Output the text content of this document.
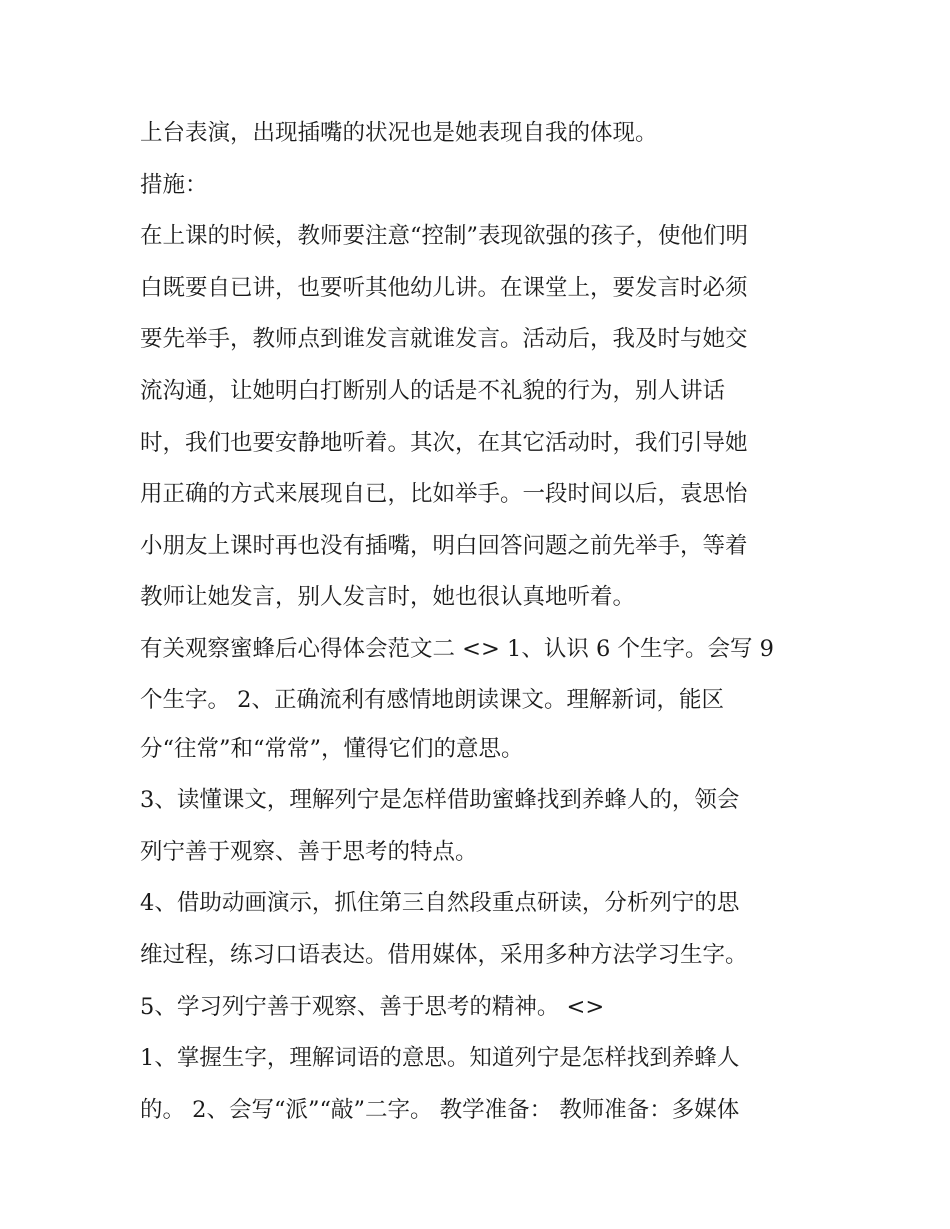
上台表演，出现插嘴的状况也是她表现自我的体现。
措施：
在上课的时候，教师要注意“控制”表现欲强的孩子，使他们明
白既要自已讲，也要听其他幼儿讲。在课堂上，要发言时必须
要先举手，教师点到谁发言就谁发言。活动后，我及时与她交
流沟通，让她明白打断别人的话是不礼貌的行为，别人讲话
时，我们也要安静地听着。其次，在其它活动时，我们引导她
用正确的方式来展现自已，比如举手。一段时间以后，袁思怡
小朋友上课时再也没有插嘴，明白回答问题之前先举手，等着
教师让她发言，别人发言时，她也很认真地听着。
有关观察蜜蜂后心得体会范文二 <> 1、认识 6 个生字。会写 9
个生字。 2、正确流利有感情地朗读课文。理解新词，能区
分“往常”和“常常”，懂得它们的意思。
3、读懂课文，理解列宁是怎样借助蜜蜂找到养蜂人的，领会
列宁善于观察、善于思考的特点。
4、借助动画演示，抓住第三自然段重点研读，分析列宁的思
维过程，练习口语表达。借用媒体，采用多种方法学习生字。
5、学习列宁善于观察、善于思考的精神。 <>
1、掌握生字，理解词语的意思。知道列宁是怎样找到养蜂人
的。 2、会写“派”“敲”二字。 教学准备： 教师准备：多媒体
